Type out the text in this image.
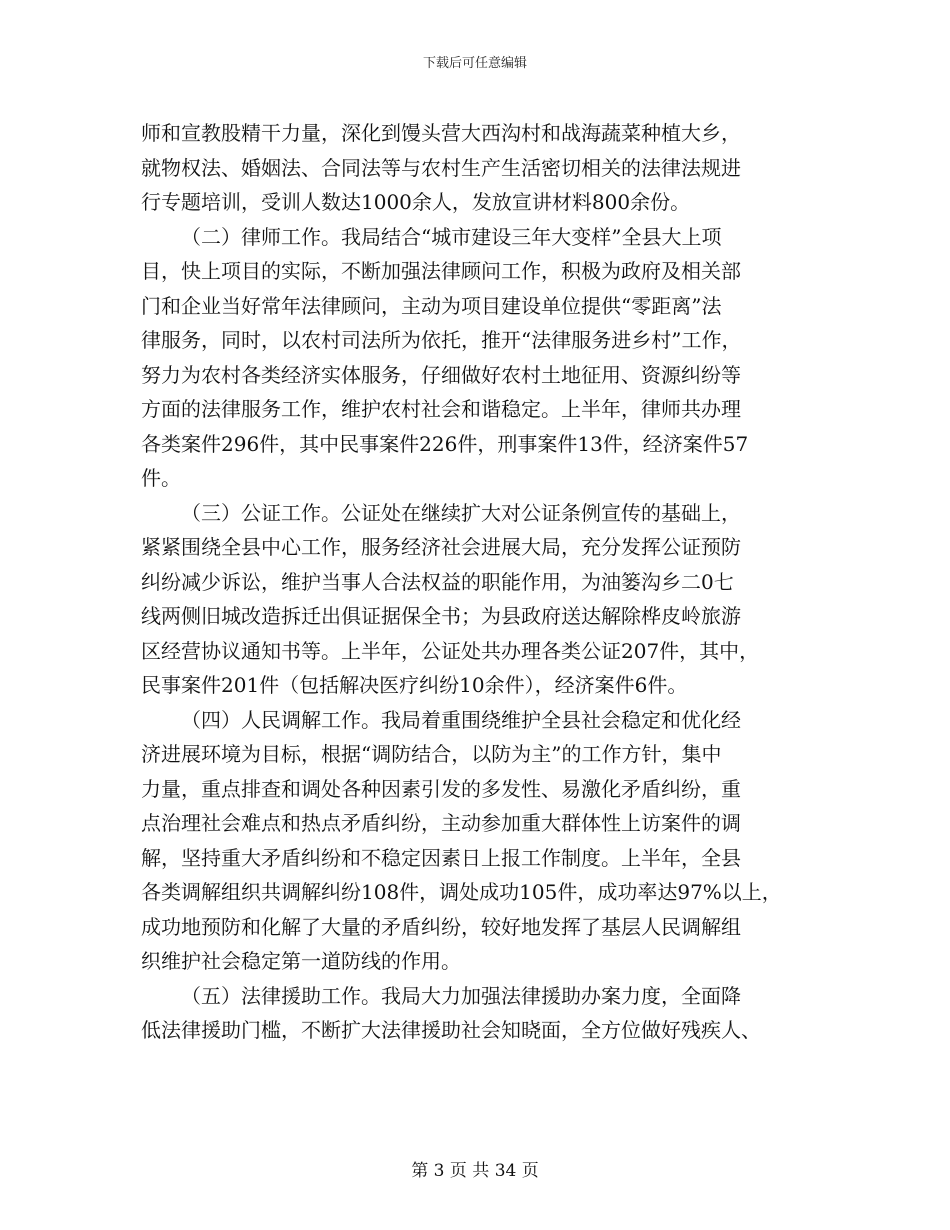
下载后可任意编辑
师和宣教股精干力量，深化到馒头营大西沟村和战海蔬菜种植大乡，
就物权法、婚姻法、合同法等与农村生产生活密切相关的法律法规进
行专题培训，受训人数达1000余人，发放宣讲材料800余份。
（二）律师工作。我局结合“城市建设三年大变样”全县大上项
目，快上项目的实际，不断加强法律顾问工作，积极为政府及相关部
门和企业当好常年法律顾问，主动为项目建设单位提供“零距离”法
律服务，同时，以农村司法所为依托，推开“法律服务进乡村”工作，
努力为农村各类经济实体服务，仔细做好农村土地征用、资源纠纷等
方面的法律服务工作，维护农村社会和谐稳定。上半年，律师共办理
各类案件296件，其中民事案件226件，刑事案件13件，经济案件57
件。
（三）公证工作。公证处在继续扩大对公证条例宣传的基础上，
紧紧围绕全县中心工作，服务经济社会进展大局，充分发挥公证预防
纠纷减少诉讼，维护当事人合法权益的职能作用，为油篓沟乡二0七
线两侧旧城改造拆迁出俱证据保全书；为县政府送达解除桦皮岭旅游
区经营协议通知书等。上半年，公证处共办理各类公证207件，其中，
民事案件201件（包括解决医疗纠纷10余件），经济案件6件。
（四）人民调解工作。我局着重围绕维护全县社会稳定和优化经
济进展环境为目标，根据“调防结合，以防为主”的工作方针，集中
力量，重点排查和调处各种因素引发的多发性、易激化矛盾纠纷，重
点治理社会难点和热点矛盾纠纷，主动参加重大群体性上访案件的调
解，坚持重大矛盾纠纷和不稳定因素日上报工作制度。上半年，全县
各类调解组织共调解纠纷108件，调处成功105件，成功率达97%以上，
成功地预防和化解了大量的矛盾纠纷，较好地发挥了基层人民调解组
织维护社会稳定第一道防线的作用。
（五）法律援助工作。我局大力加强法律援助办案力度，全面降
低法律援助门槛，不断扩大法律援助社会知晓面，全方位做好残疾人、
第 3 页 共 34 页
